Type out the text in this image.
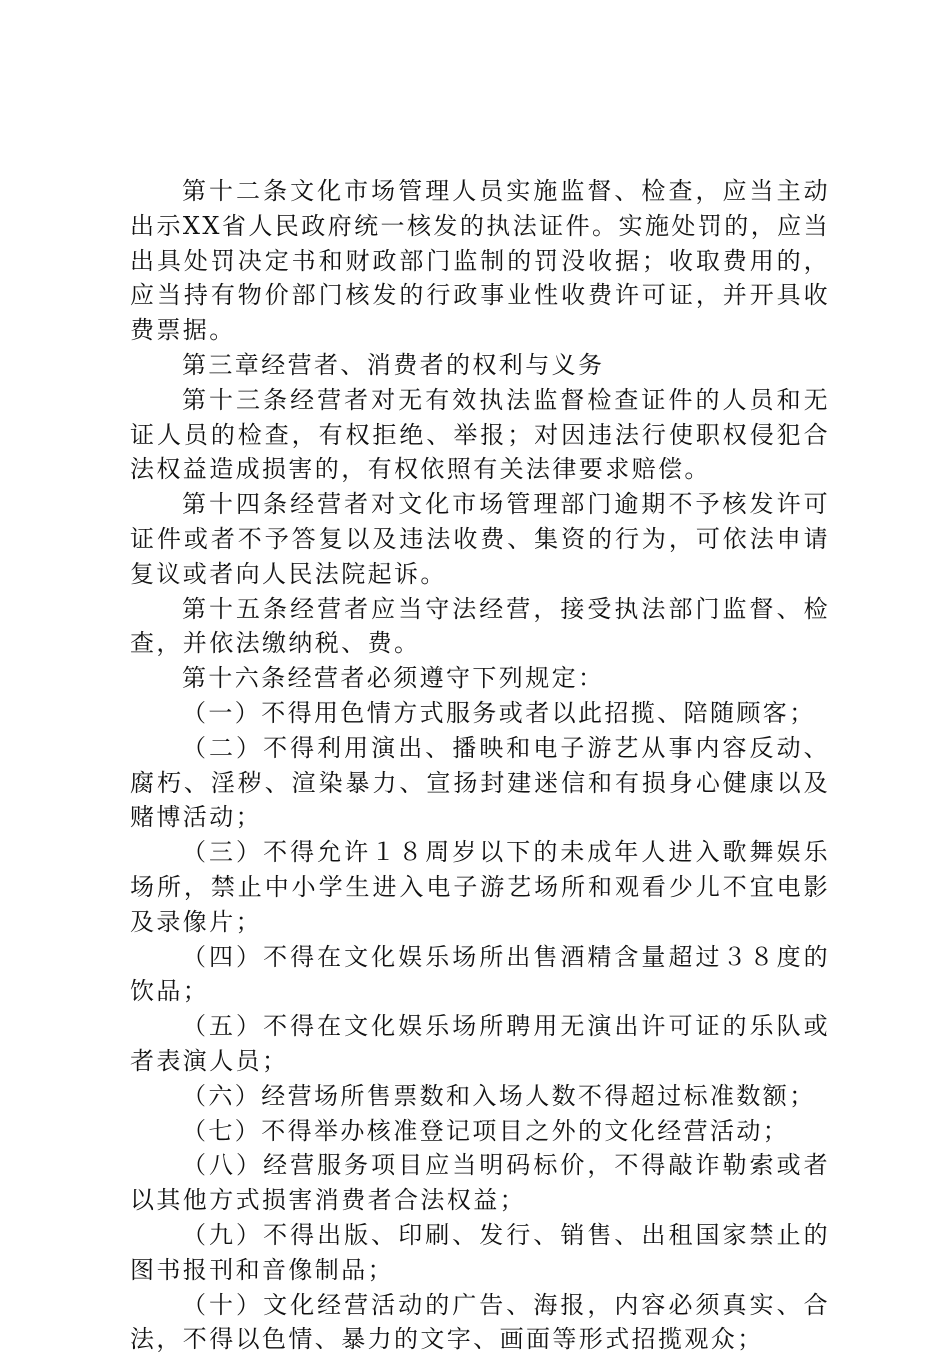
第十二条文化市场管理人员实施监督、检查，应当主动出示XX省人民政府统一核发的执法证件。实施处罚的，应当出具处罚决定书和财政部门监制的罚没收据；收取费用的，应当持有物价部门核发的行政事业性收费许可证，并开具收费票据。

第三章经营者、消费者的权利与义务

第十三条经营者对无有效执法监督检查证件的人员和无证人员的检查，有权拒绝、举报；对因违法行使职权侵犯合法权益造成损害的，有权依照有关法律要求赔偿。

第十四条经营者对文化市场管理部门逾期不予核发许可证件或者不予答复以及违法收费、集资的行为，可依法申请复议或者向人民法院起诉。

第十五条经营者应当守法经营，接受执法部门监督、检查，并依法缴纳税、费。

第十六条经营者必须遵守下列规定：

（一）不得用色情方式服务或者以此招揽、陪随顾客；

（二）不得利用演出、播映和电子游艺从事内容反动、腐朽、淫秽、渲染暴力、宣扬封建迷信和有损身心健康以及赌博活动；

（三）不得允许１８周岁以下的未成年人进入歌舞娱乐场所，禁止中小学生进入电子游艺场所和观看少儿不宜电影及录像片；

（四）不得在文化娱乐场所出售酒精含量超过３８度的饮品；

（五）不得在文化娱乐场所聘用无演出许可证的乐队或者表演人员；

（六）经营场所售票数和入场人数不得超过标准数额；

（七）不得举办核准登记项目之外的文化经营活动；

（八）经营服务项目应当明码标价，不得敲诈勒索或者以其他方式损害消费者合法权益；

（九）不得出版、印刷、发行、销售、出租国家禁止的图书报刊和音像制品；

（十）文化经营活动的广告、海报，内容必须真实、合法，不得以色情、暴力的文字、画面等形式招揽观众；
